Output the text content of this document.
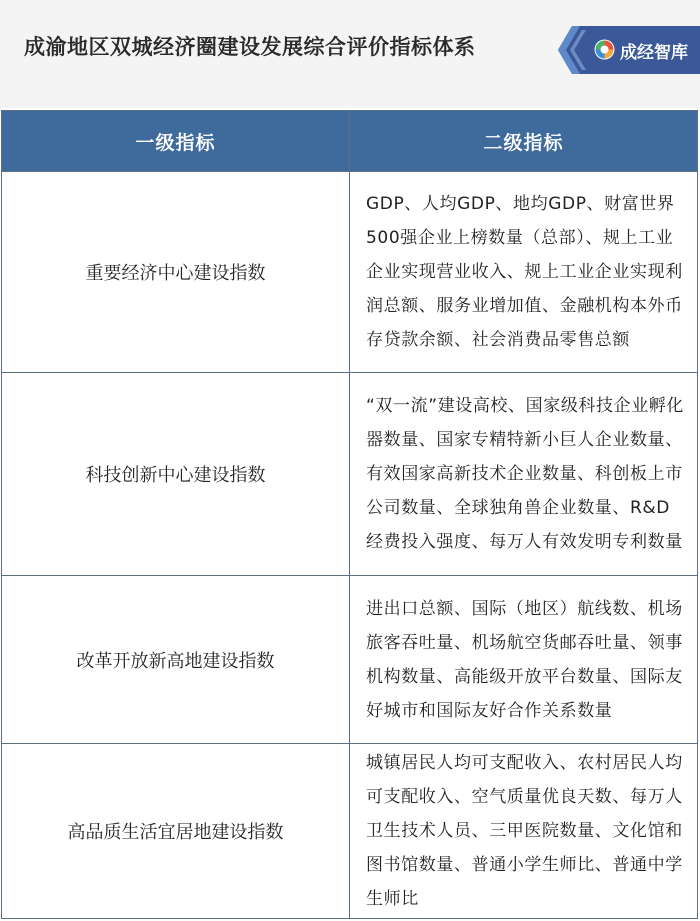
成渝地区双城经济圈建设发展综合评价指标体系	成经智库
一级指标	二级指标
重要经济中心建设指数	GDP、人均GDP、地均GDP、财富世界500强企业上榜数量（总部）、规上工业企业实现营业收入、规上工业企业实现利润总额、服务业增加值、金融机构本外币存贷款余额、社会消费品零售总额
科技创新中心建设指数	“双一流”建设高校、国家级科技企业孵化器数量、国家专精特新小巨人企业数量、有效国家高新技术企业数量、科创板上市公司数量、全球独角兽企业数量、R&D经费投入强度、每万人有效发明专利数量
改革开放新高地建设指数	进出口总额、国际（地区）航线数、机场旅客吞吐量、机场航空货邮吞吐量、领事机构数量、高能级开放平台数量、国际友好城市和国际友好合作关系数量
高品质生活宜居地建设指数	城镇居民人均可支配收入、农村居民人均可支配收入、空气质量优良天数、每万人卫生技术人员、三甲医院数量、文化馆和图书馆数量、普通小学生师比、普通中学生师比
